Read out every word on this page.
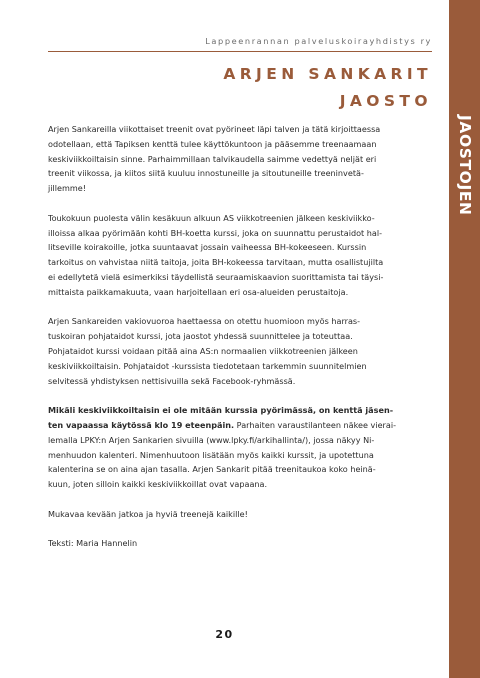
JAOSTOJEN KUULUMISET
Lappeenrannan palveluskoirayhdistys ry
ARJEN SANKARIT
JAOSTO

Arjen Sankareilla viikottaiset treenit ovat pyörineet läpi talven ja tätä kirjoittaessa
odotellaan, että Tapiksen kenttä tulee käyttökuntoon ja pääsemme treenaamaan
keskiviikkoiltaisin sinne. Parhaimmillaan talvikaudella saimme vedettyä neljät eri
treenit viikossa, ja kiitos siitä kuuluu innostuneille ja sitoutuneille treeninvetä-
jillemme!

Toukokuun puolesta välin kesäkuun alkuun AS viikkotreenien jälkeen keskiviikko-
illoissa alkaa pyörimään kohti BH-koetta kurssi, joka on suunnattu perustaidot hal-
litseville koirakoille, jotka suuntaavat jossain vaiheessa BH-kokeeseen. Kurssin
tarkoitus on vahvistaa niitä taitoja, joita BH-kokeessa tarvitaan, mutta osallistujilta
ei edellytetä vielä esimerkiksi täydellistä seuraamiskaavion suorittamista tai täysi-
mittaista paikkamakuuta, vaan harjoitellaan eri osa-alueiden perustaitoja.

Arjen Sankareiden vakiovuoroa haettaessa on otettu huomioon myös harras-
tuskoiran pohjataidot kurssi, jota jaostot yhdessä suunnittelee ja toteuttaa.
Pohjataidot kurssi voidaan pitää aina AS:n normaalien viikkotreenien jälkeen
keskiviikkoiltaisin. Pohjataidot -kurssista tiedotetaan tarkemmin suunnitelmien
selvitessä yhdistyksen nettisivuilla sekä Facebook-ryhmässä.

Mikäli keskiviikkoiltaisin ei ole mitään kurssia pyörimässä, on kenttä jäsen-
ten vapaassa käytössä klo 19 eteenpäin. Parhaiten varaustilanteen näkee vierai-
lemalla LPKY:n Arjen Sankarien sivuilla (www.lpky.fi/arkihallinta/), jossa näkyy Ni-
menhuudon kalenteri. Nimenhuutoon lisätään myös kaikki kurssit, ja upotettuna
kalenterina se on aina ajan tasalla. Arjen Sankarit pitää treenitaukoa koko heinä-
kuun, joten silloin kaikki keskiviikkoillat ovat vapaana.

Mukavaa kevään jatkoa ja hyviä treenejä kaikille!

Teksti: Maria Hannelin

20
